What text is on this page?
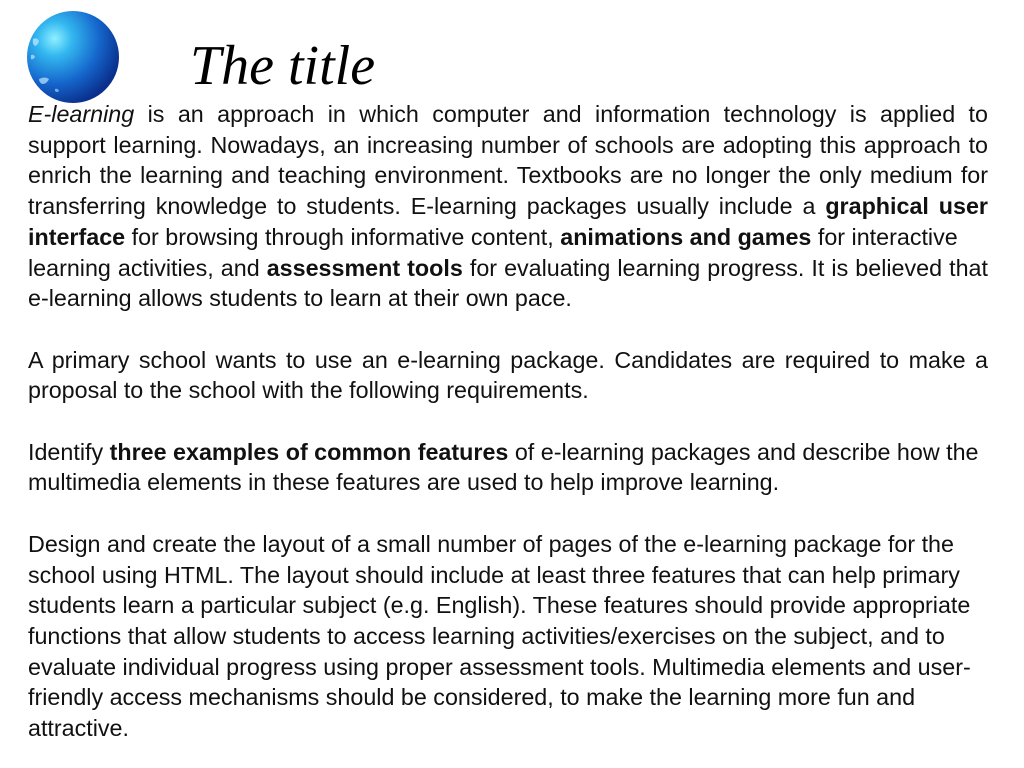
The title

E-learning is an approach in which computer and information technology is applied to support learning. Nowadays, an increasing number of schools are adopting this approach to enrich the learning and teaching environment. Textbooks are no longer the only medium for transferring knowledge to students. E-learning packages usually include a graphical user interface for browsing through informative content, animations and games for interactive

learning activities, and assessment tools for evaluating learning progress. It is believed that e-learning allows students to learn at their own pace.

A primary school wants to use an e-learning package. Candidates are required to make a proposal to the school with the following requirements.

Identify three examples of common features of e-learning packages and describe how the multimedia elements in these features are used to help improve learning.

Design and create the layout of a small number of pages of the e-learning package for the school using HTML. The layout should include at least three features that can help primary students learn a particular subject (e.g. English). These features should provide appropriate functions that allow students to access learning activities/exercises on the subject, and to evaluate individual progress using proper assessment tools. Multimedia elements and user-friendly access mechanisms should be considered, to make the learning more fun and attractive.
